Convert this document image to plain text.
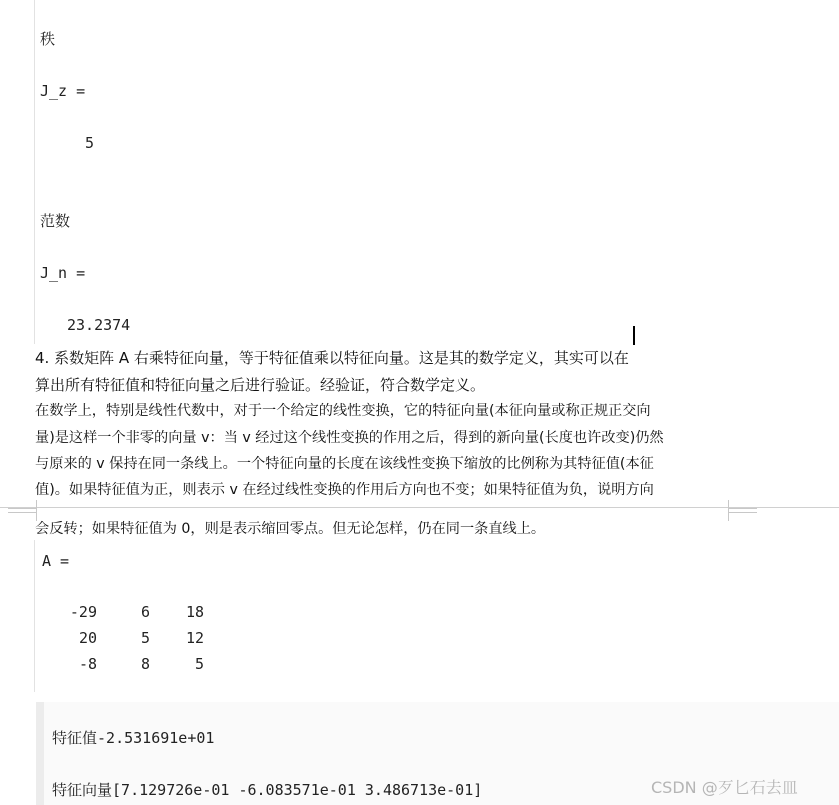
秩
J_z =
5
范数
J_n =
23.2374
4. 系数矩阵 A 右乘特征向量，等于特征值乘以特征向量。这是其的数学定义，其实可以在
算出所有特征值和特征向量之后进行验证。经验证，符合数学定义。
在数学上，特别是线性代数中，对于一个给定的线性变换，它的特征向量(本征向量或称正规正交向
量)是这样一个非零的向量 v：当 v 经过这个线性变换的作用之后，得到的新向量(长度也许改变)仍然
与原来的 v 保持在同一条线上。一个特征向量的长度在该线性变换下缩放的比例称为其特征值(本征
值)。如果特征值为正，则表示 v 在经过线性变换的作用后方向也不变；如果特征值为负，说明方向
会反转；如果特征值为 0，则是表示缩回零点。但无论怎样，仍在同一条直线上。
A =
-29	6	18
20	5	12
-8	8	5
特征值-2.531691e+01
特征向量[7.129726e-01 -6.083571e-01 3.486713e-01]	CSDN @歹匕石去皿
